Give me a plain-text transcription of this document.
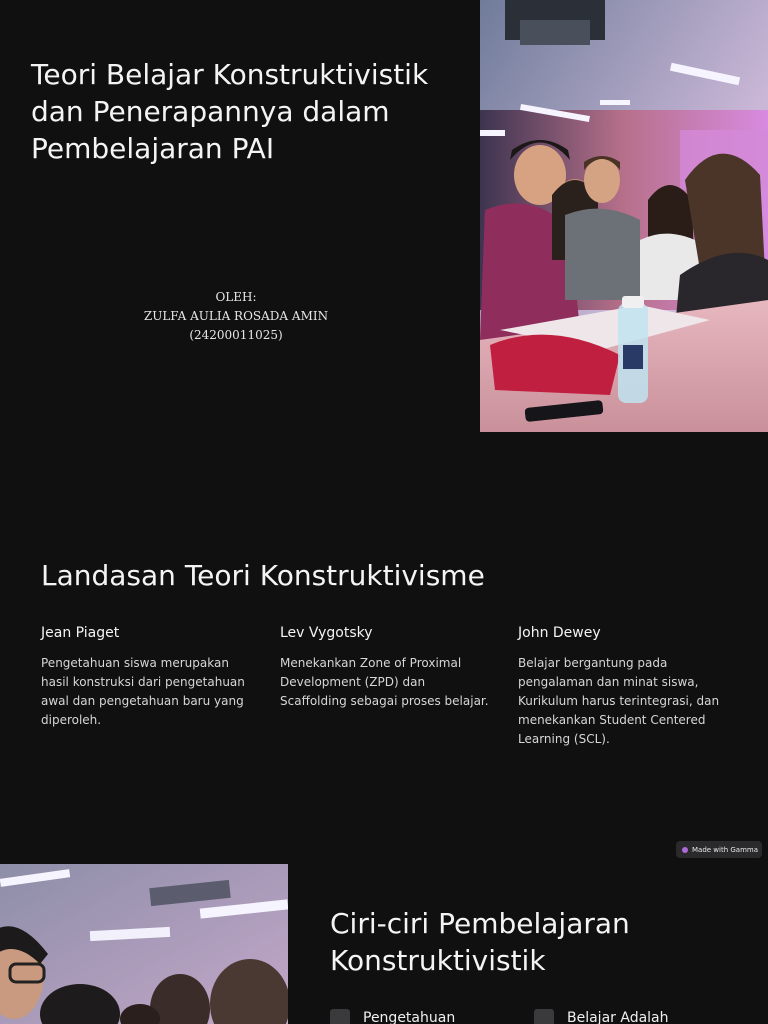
Teori Belajar Konstruktivistik dan Penerapannya dalam Pembelajaran PAI
OLEH:
ZULFA AULIA ROSADA AMIN
(24200011025)
Landasan Teori Konstruktivisme
Jean Piaget
Pengetahuan siswa merupakan hasil konstruksi dari pengetahuan awal dan pengetahuan baru yang diperoleh.
Lev Vygotsky
Menekankan Zone of Proximal Development (ZPD) dan Scaffolding sebagai proses belajar.
John Dewey
Belajar bergantung pada pengalaman dan minat siswa, Kurikulum harus terintegrasi, dan menekankan Student Centered Learning (SCL).
Made with Gamma
Ciri-ciri Pembelajaran Konstruktivistik
Pengetahuan	Belajar Adalah
